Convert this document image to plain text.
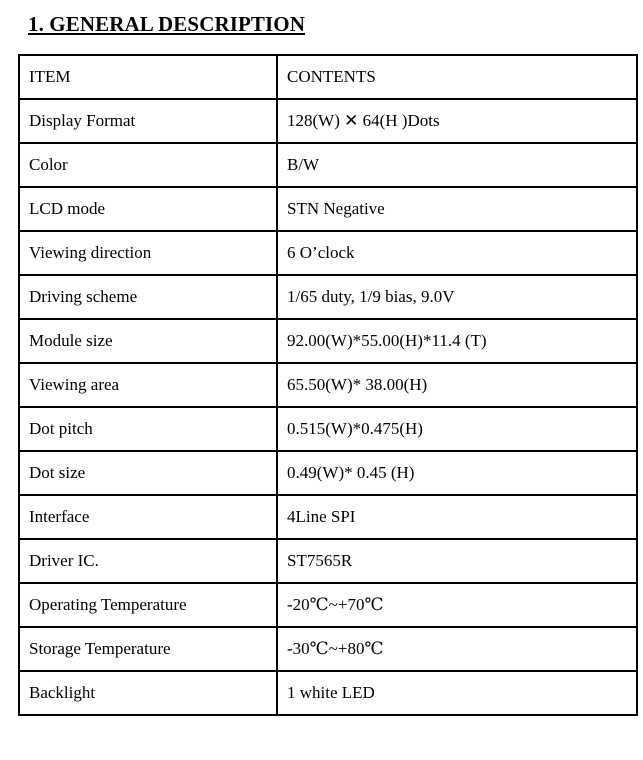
1. GENERAL DESCRIPTION
ITEM	CONTENTS
Display Format	128(W) ✕ 64(H )Dots
Color	B/W
LCD mode	STN Negative
Viewing direction	6 O’clock
Driving scheme	1/65 duty, 1/9 bias, 9.0V
Module size	92.00(W)*55.00(H)*11.4 (T)
Viewing area	65.50(W)* 38.00(H)
Dot pitch	0.515(W)*0.475(H)
Dot size	0.49(W)* 0.45 (H)
Interface	4Line SPI
Driver IC.	ST7565R
Operating Temperature	-20℃~+70℃
Storage Temperature	-30℃~+80℃
Backlight	1 white LED
